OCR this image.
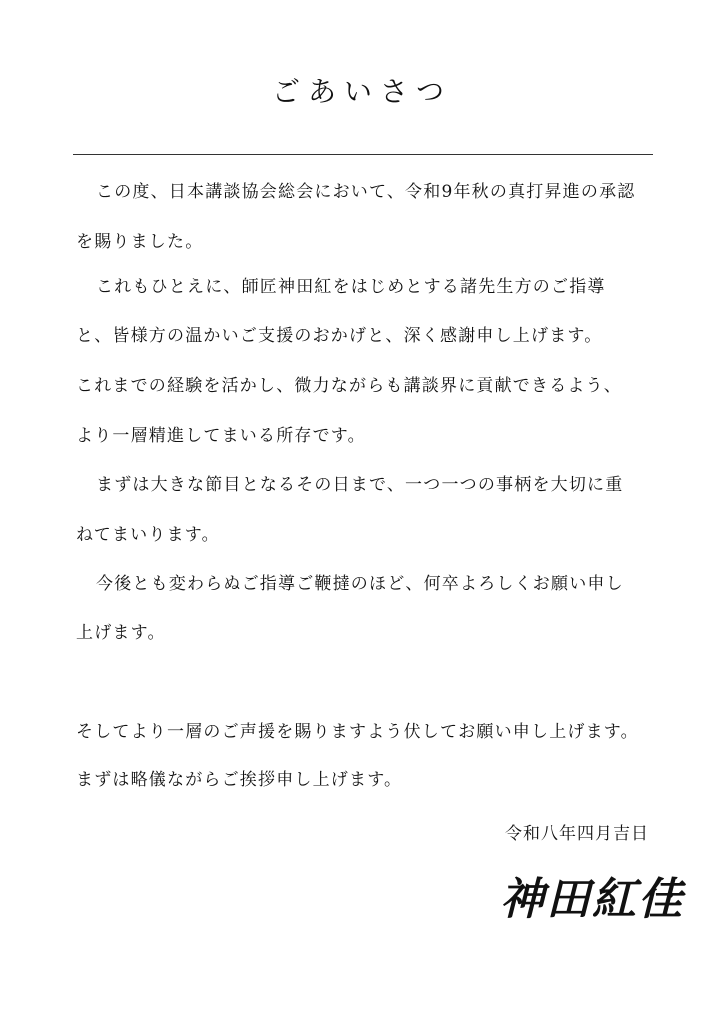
ごあいさつ
この度、日本講談協会総会において、令和9年秋の真打昇進の承認
を賜りました。
これもひとえに、師匠神田紅をはじめとする諸先生方のご指導
と、皆様方の温かいご支援のおかげと、深く感謝申し上げます。
これまでの経験を活かし、微力ながらも講談界に貢献できるよう、
より一層精進してまいる所存です。
まずは大きな節目となるその日まで、一つ一つの事柄を大切に重
ねてまいります。
今後とも変わらぬご指導ご鞭撻のほど、何卒よろしくお願い申し
上げます。
そしてより一層のご声援を賜りますよう伏してお願い申し上げます。
まずは略儀ながらご挨拶申し上げます。
令和八年四月吉日
神田紅佳
